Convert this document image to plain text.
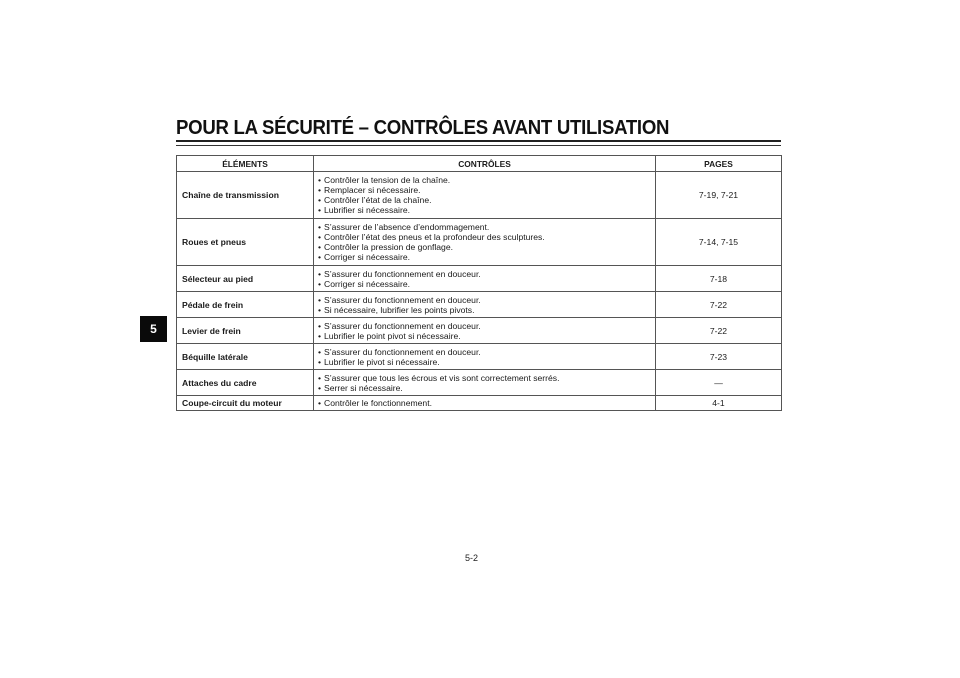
POUR LA SÉCURITÉ – CONTRÔLES AVANT UTILISATION
5
ÉLÉMENTS	CONTRÔLES	PAGES
Chaîne de transmission	• Contrôler la tension de la chaîne.
• Remplacer si nécessaire.
• Contrôler l’état de la chaîne.
• Lubrifier si nécessaire.	7-19, 7-21
Roues et pneus	• S’assurer de l’absence d’endommagement.
• Contrôler l’état des pneus et la profondeur des sculptures.
• Contrôler la pression de gonflage.
• Corriger si nécessaire.	7-14, 7-15
Sélecteur au pied	• S’assurer du fonctionnement en douceur.
• Corriger si nécessaire.	7-18
Pédale de frein	• S’assurer du fonctionnement en douceur.
• Si nécessaire, lubrifier les points pivots.	7-22
Levier de frein	• S’assurer du fonctionnement en douceur.
• Lubrifier le point pivot si nécessaire.	7-22
Béquille latérale	• S’assurer du fonctionnement en douceur.
• Lubrifier le pivot si nécessaire.	7-23
Attaches du cadre	• S’assurer que tous les écrous et vis sont correctement serrés.
• Serrer si nécessaire.	—
Coupe-circuit du moteur	• Contrôler le fonctionnement.	4-1
5-2
